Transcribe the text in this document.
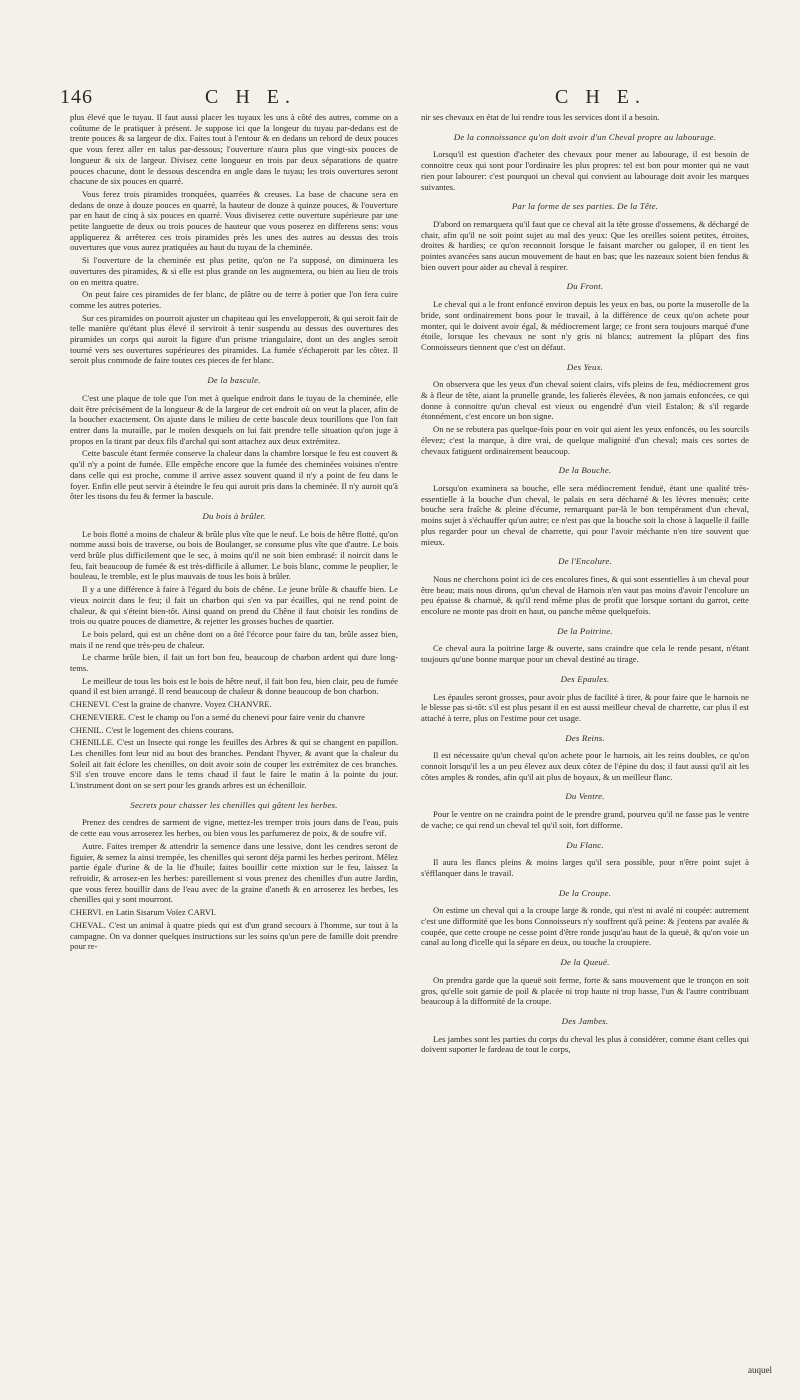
146	C H E.	C H E.

plus élevé que le tuyau. Il faut aussi placer les tuyaux les uns à côté des autres, comme on a coûtume de le pratiquer à présent. Je suppose ici que la longeur du tuyau par-dedans est de trente pouces & sa largeur de dix. Faites tout à l'entour & en dedans un rebord de deux pouces que vous ferez aller en talus par-dessous; l'ouverture n'aura plus que vingt-six pouces de longueur & six de largeur. Divisez cette longueur en trois par deux séparations de quatre pouces chacune, dont le dessous descendra en angle dans le tuyau; les trois ouvertures seront chacune de six pouces en quarré.

Vous ferez trois piramides tronquées, quarrées & creuses. La base de chacune sera en dedans de onze à douze pouces en quarré, la hauteur de douze à quinze pouces, & l'ouverture par en haut de cinq à six pouces en quarré. Vous diviserez cette ouverture supérieure par une petite languette de deux ou trois pouces de hauteur que vous poserez en differens sens: vous appliquerez & arrêterez ces trois piramides près les unes des autres au dessus des trois ouvertures que vous aurez pratiquées au haut du tuyau de la cheminée.

Si l'ouverture de la cheminée est plus petite, qu'on ne l'a supposé, on diminuera les ouvertures des piramides, & si elle est plus grande on les augmentera, ou bien au lieu de trois on en mettra quatre.

On peut faire ces piramides de fer blanc, de plâtre ou de terre à potier que l'on fera cuire comme les autres poteries.

Sur ces piramides on pourroit ajuster un chapiteau qui les envelopperoit, & qui seroit fait de telle manière qu'étant plus élevé il serviroit à tenir suspendu au dessus des ouvertures des piramides un corps qui auroit la figure d'un prisme triangulaire, dont un des angles seroit tourné vers ses ouvertures supérieures des piramides. La fumée s'échaperoit par les côtez. Il seroit plus commode de faire toutes ces pieces de fer blanc.

De la bascule.

C'est une plaque de tole que l'on met à quelque endroit dans le tuyau de la cheminée, elle doit être précisément de la longueur & de la largeur de cet endroit où on veut la placer, afin de la boucher exactement. On ajuste dans le milieu de cette bascule deux tourillons que l'on fait entrer dans la muraille, par le moïen desquels on lui fait prendre telle situation qu'on juge à propos en la tirant par deux fils d'archal qui sont attachez aux deux extrémitez.

Cette bascule étant fermée conserve la chaleur dans la chambre lorsque le feu est couvert & qu'il n'y a point de fumée. Elle empêche encore que la fumée des cheminées voisines n'entre dans celle qui est proche, comme il arrive assez souvent quand il n'y a point de feu dans le foyer. Enfin elle peut servir à éteindre le feu qui auroit pris dans la cheminée. Il n'y auroit qu'à ôter les tisons du feu & fermer la bascule.

Du bois à brûler.

Le bois flotté a moins de chaleur & brûle plus vîte que le neuf. Le bois de hêtre flotté, qu'on nomme aussi bois de traverse, ou bois de Boulanger, se consume plus vîte que d'autre. Le bois verd brûle plus difficilement que le sec, à moins qu'il ne soit bien embrasé: il noircit dans le feu, fait beaucoup de fumée & est très-difficile à allumer. Le bois blanc, comme le peuplier, le bouleau, le tremble, est le plus mauvais de tous les bois à brûler.

Il y a une différence à faire à l'égard du bois de chêne. Le jeune brûle & chauffe bien. Le vieux noircit dans le feu; il fait un charbon qui s'en va par écailles, qui ne rend point de chaleur, & qui s'éteint bien-tôt. Ainsi quand on prend du Chêne il faut choisir les rondins de trois ou quatre pouces de diamettre, & rejetter les grosses buches de quartier.

Le bois pelard, qui est un chêne dont on a ôté l'écorce pour faire du tan, brûle assez bien, mais il ne rend que très-peu de chaleur.

Le charme brûle bien, il fait un fort bon feu, beaucoup de charbon ardent qui dure long-tems.

Le meilleur de tous les bois est le bois de hêtre neuf, il fait bon feu, bien clair, peu de fumée quand il est bien arrangé. Il rend beaucoup de chaleur & donne beaucoup de bon charbon.

CHENEVI. C'est la graine de chanvre. Voyez CHANVRE.

CHENEVIERE. C'est le champ ou l'on a semé du chenevi pour faire venir du chanvre

CHENIL. C'est le logement des chiens courans.

CHENILLE. C'est un Insecte qui ronge les feuilles des Arbres & qui se changent en papillon. Les chenilles font leur nid au bout des branches. Pendant l'hyver, & avant que la chaleur du Soleil ait fait éclore les chenilles, on doit avoir soin de couper les extrémitez de ces branches. S'il s'en trouve encore dans le tems chaud il faut le faire le matin à la pointe du jour. L'instrument dont on se sert pour les grands arbres est un échenilloir.

Secrets pour chasser les chenilles qui gâtent les herbes.

Prenez des cendres de sarment de vigne, mettez-les tremper trois jours dans de l'eau, puis de cette eau vous arroserez les herbes, ou bien vous les parfumerez de poix, & de soufre vif.

Autre. Faites tremper & attendrir la semence dans une lessive, dont les cendres seront de figuier, & semez la ainsi trempée, les chenilles qui seront déja parmi les herbes periront. Mêlez partie égale d'urine & de la lie d'huile; faites bouillir cette mixtion sur le feu, laissez la refroidir, & arrosez-en les herbes: pareillement si vous prenez des chenilles d'un autre Jardin, que vous ferez bouillir dans de l'eau avec de la graine d'aneth & en arroserez les herbes, les chenilles qui y sont mourront.

CHERVI. en Latin Sisarum Voïez CARVI.

CHEVAL. C'est un animal à quatre pieds qui est d'un grand secours à l'homme, sur tout à la campagne. On va donner quelques instructions sur les soins qu'un pere de famille doit prendre pour re-

nir ses chevaux en état de lui rendre tous les services dont il a besoin.

De la connoissance qu'on doit avoir d'un Cheval propre au labourage.

Lorsqu'il est question d'acheter des chevaux pour mener au labourage, il est besoin de connoitre ceux qui sont pour l'ordinaire les plus propres: tel est bon pour monter qui ne vaut rien pour labourer: c'est pourquoi un cheval qui convient au labourage doit avoir les marques suivantes.

Par la forme de ses parties. De la Tête.

D'abord on remarquera qu'il faut que ce cheval ait la tête grosse d'ossemens, & déchargé de chair, afin qu'il ne soit point sujet au mal des yeux: Que les oreilles soient petites, étroites, droites & hardies; ce qu'on reconnoit lorsque le faisant marcher ou galoper, il en tient les pointes avancées sans aucun mouvement de haut en bas; que les nazeaux soient bien fendus & bien ouvert pour aider au cheval à respirer.

Du Front.

Le cheval qui a le front enfoncé environ depuis les yeux en bas, ou porte la muserolle de la bride, sont ordinairement bons pour le travail, à la différence de ceux qu'on achete pour monter, qui le doivent avoir égal, & médiocrement large; ce front sera toujours marqué d'une étoile, lorsque les chevaux ne sont n'y gris ni blancs; autrement la plûpart des fins Connoisseurs tiennent que c'est un défaut.

Des Yeux.

On observera que les yeux d'un cheval soient clairs, vifs pleins de feu, médiocrement gros & à fleur de tête, aiant la prunelle grande, les falierès élevées, & non jamais enfoncées, ce qui donne à connoitre qu'un cheval est vieux ou engendré d'un vieil Estalon; & s'il regarde étonnément, c'est encore un bon signe.

On ne se rebutera pas quelque-fois pour en voir qui aient les yeux enfoncés, ou les sourcils élevez; c'est la marque, à dire vrai, de quelque malignité d'un cheval; mais ces sortes de chevaux fatiguent ordinairement beaucoup.

De la Bouche.

Lorsqu'on examinera sa bouche, elle sera médiocrement fenduë, étant une qualité très-essentielle à la bouche d'un cheval, le palais en sera décharné & les lévres menuës; cette bouche sera fraîche & pleine d'écume, remarquant par-là le bon tempérament d'un cheval, moins sujet à s'échauffer qu'un autre; ce n'est pas que la bouche soit la chose à laquelle il faille plus regarder pour un cheval de charrette, qui pour l'avoir méchante n'en tire souvent que mieux.

De l'Encolure.

Nous ne cherchons point ici de ces encolures fines, & qui sont essentielles à un cheval pour être beau; mais nous dirons, qu'un cheval de Harnois n'en vaut pas moins d'avoir l'encolure un peu épaisse & charnuë, & qu'il rend même plus de profit que lorsque sortant du garrot, cette encolure ne monte pas droit en haut, ou panche même quelquefois.

De la Poitrine.

Ce cheval aura la poitrine large & ouverte, sans craindre que cela le rende pesant, n'étant toujours qu'une bonne marque pour un cheval destiné au tirage.

Des Epaules.

Les épaules seront grosses, pour avoir plus de facilité à tirer, & pour faire que le harnois ne le blesse pas si-tôt: s'il est plus pesant il en est aussi meilleur cheval de charrette, car plus il est attaché à terre, plus on l'estime pour cet usage.

Des Reins.

Il est nécessaire qu'un cheval qu'on achete pour le harnois, ait les reins doubles, ce qu'on connoit lorsqu'il les a un peu élevez aux deux côtez de l'épine du dos; il faut aussi qu'il ait les côtes amples & rondes, afin qu'il ait plus de boyaux, & un meilleur flanc.

Du Ventre.

Pour le ventre on ne craindra point de le prendre grand, pourveu qu'il ne fasse pas le ventre de vache; ce qui rend un cheval tel qu'il soit, fort difforme.

Du Flanc.

Il aura les flancs pleins & moins larges qu'il sera possible, pour n'être point sujet à s'éfflanquer dans le travail.

De la Croupe.

On estime un cheval qui a la croupe large & ronde, qui n'est ni avalé ni coupée: autrement c'est une difformité que les bons Connoisseurs n'y souffrent qu'à peine: & j'entens par avalée & coupée, que cette croupe ne cesse point d'être ronde jusqu'au haut de la queuë, & qu'on voie un canal au long d'icelle qui la sépare en deux, ou touche la croupiere.

De la Queuë.

On prendra garde que la queuë soit ferme, forte & sans mouvement que le tronçon en soit gros, qu'elle soit garnie de poil & placée ni trop haute ni trop basse, l'un & l'autre contribuant beaucoup à la difformité de la croupe.

Des Jambes.

Les jambes sont les parties du corps du cheval les plus à considérer, comme étant celles qui doivent suporter le fardeau de tout le corps,

auquel
